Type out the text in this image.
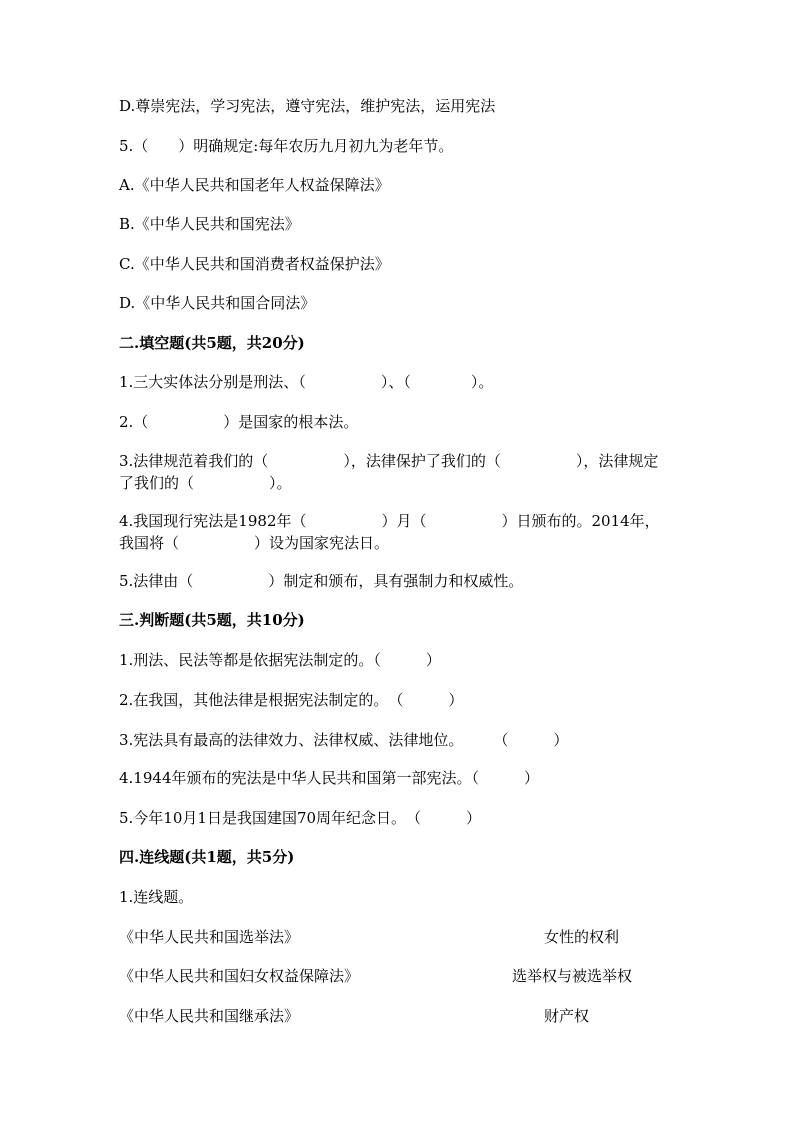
D.尊崇宪法，学习宪法，遵守宪法，维护宪法，运用宪法
5.（　　）明确规定:每年农历九月初九为老年节。
A.《中华人民共和国老年人权益保障法》
B.《中华人民共和国宪法》
C.《中华人民共和国消费者权益保护法》
D.《中华人民共和国合同法》
二.填空题(共5题，共20分)
1.三大实体法分别是刑法、（　　　　　）、（　　　　）。
2.（　　　　　）是国家的根本法。
3.法律规范着我们的（　　　　　），法律保护了我们的（　　　　　），法律规定了我们的（　　　　　）。
4.我国现行宪法是1982年（　　　　　）月（　　　　　）日颁布的。2014年，我国将（　　　　　）设为国家宪法日。
5.法律由（　　　　　）制定和颁布，具有强制力和权威性。
三.判断题(共5题，共10分)
1.刑法、民法等都是依据宪法制定的。（　　　）
2.在我国，其他法律是根据宪法制定的。　（　　　）
3.宪法具有最高的法律效力、法律权威、法律地位。　　　（　　　）
4.1944年颁布的宪法是中华人民共和国第一部宪法。（　　　）
5.今年10月1日是我国建国70周年纪念日。　（　　　）
四.连线题(共1题，共5分)
1.连线题。
《中华人民共和国选举法》	女性的权利
《中华人民共和国妇女权益保障法》	选举权与被选举权
《中华人民共和国继承法》	财产权
